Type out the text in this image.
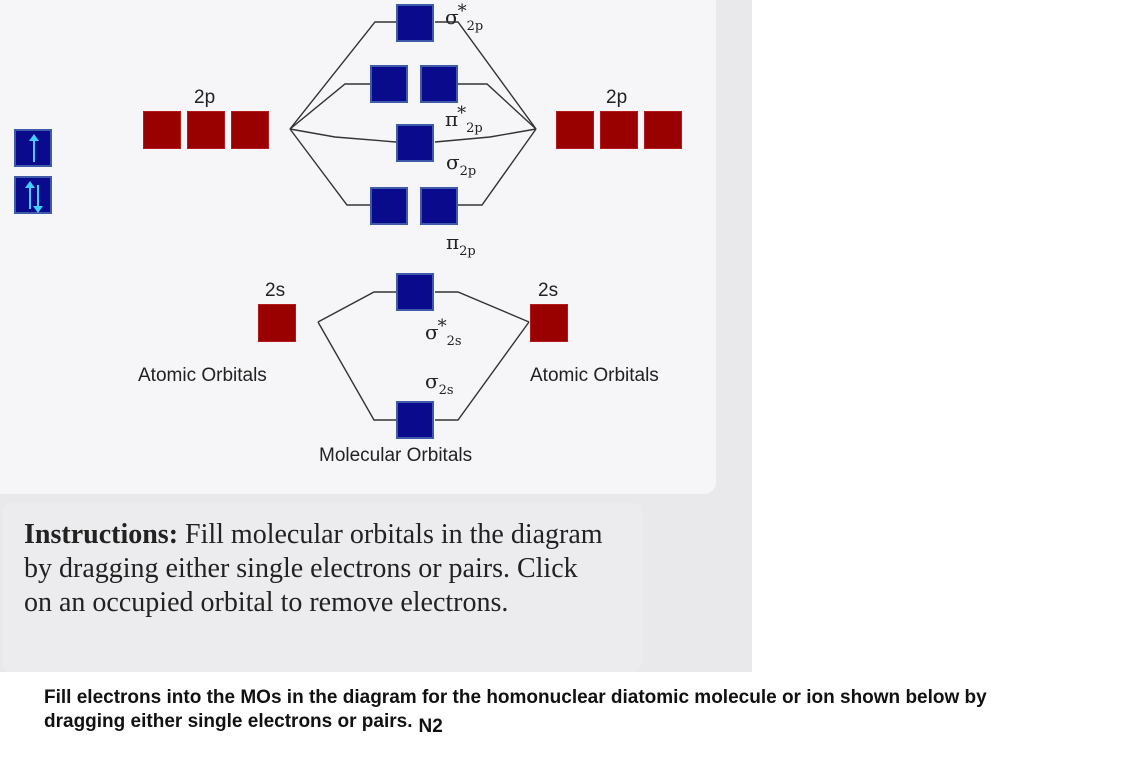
2p	2p
2s	2s
Atomic Orbitals	Atomic Orbitals
Molecular Orbitals
$\sigma*_{2p}$
$\pi*_{2p}$
$\sigma_{2p}$
$\pi_{2p}$
$\sigma*_{2s}$
$\sigma_{2s}$
Instructions: Fill molecular orbitals in the diagram by dragging either single electrons or pairs. Click on an occupied orbital to remove electrons.
Fill electrons into the MOs in the diagram for the homonuclear diatomic molecule or ion shown below by dragging either single electrons or pairs. N2
